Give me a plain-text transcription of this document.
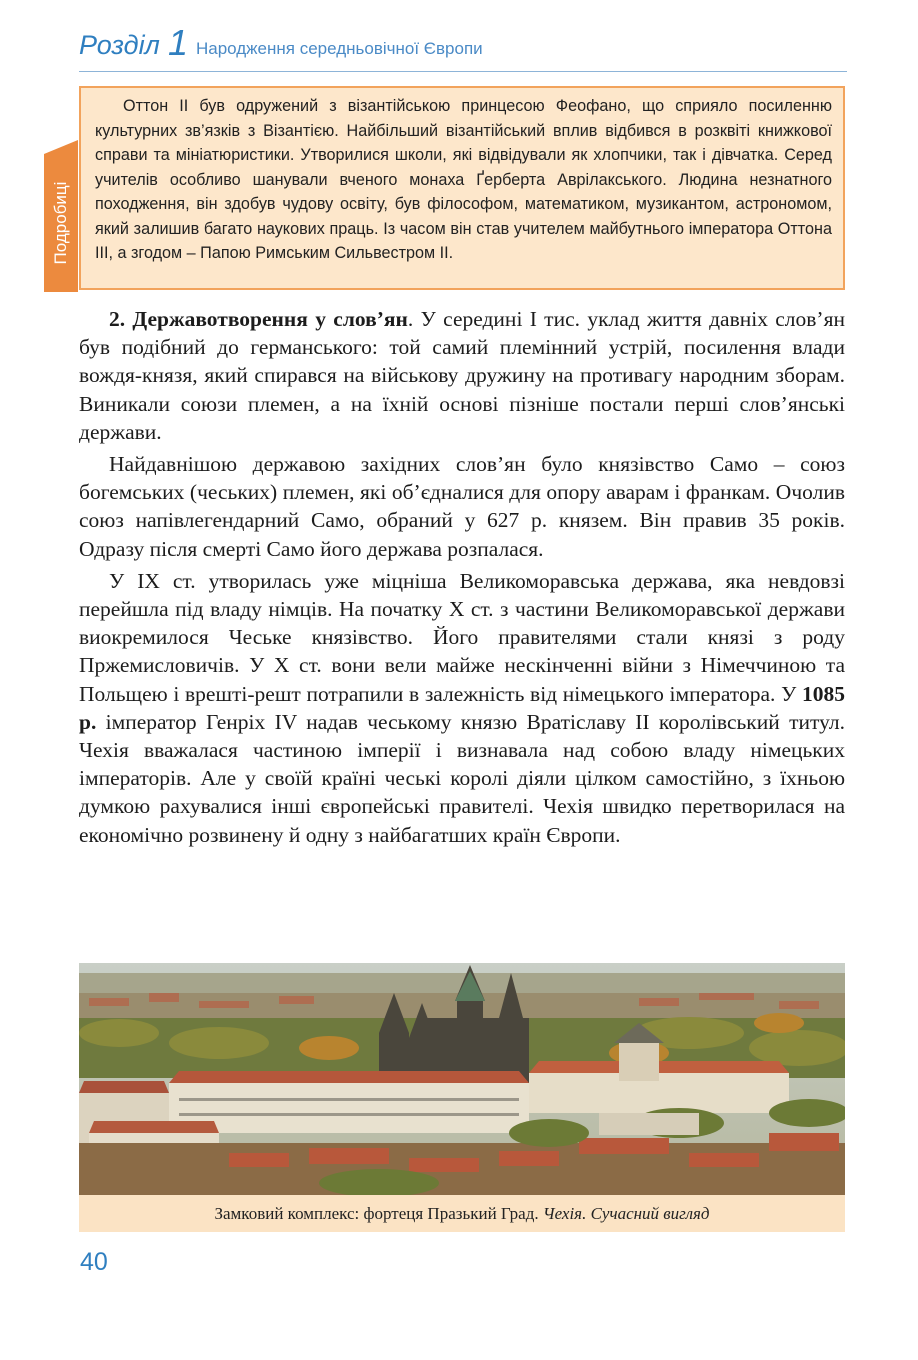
Розділ 1 Народження середньовічної Європи
Подробиці

Оттон ІІ був одружений з візантійською принцесою Феофано, що сприяло посиленню культурних зв’язків з Візантією. Найбільший візантійський вплив відбився в розквіті книжкової справи та мініатюристики. Утворилися школи, які відвідували як хлопчики, так і дівчатка. Серед учителів особливо шанували вченого монаха Ґерберта Аврілакського. Людина незнатного походження, він здобув чудову освіту, був філософом, математиком, музикантом, астрономом, який залишив багато наукових праць. Із часом він став учителем майбутнього імператора Оттона ІІІ, а згодом – Папою Римським Сильвестром ІІ.

2. Державотворення у слов’ян. У середині І тис. уклад життя давніх слов’ян був подібний до германського: той самий племінний устрій, посилення влади вождя-князя, який спирався на військову дружину на противагу народним зборам. Виникали союзи племен, а на їхній основі пізніше постали перші слов’янські держави.

Найдавнішою державою західних слов’ян було князівство Само – союз богемських (чеських) племен, які об’єдналися для опору аварам і франкам. Очолив союз напівлегендарний Само, обраний у 627 р. князем. Він правив 35 років. Одразу після смерті Само його держава розпалася.

У IX ст. утворилась уже міцніша Великоморавська держава, яка невдовзі перейшла під владу німців. На початку X ст. з частини Великоморавської держави виокремилося Чеське князівство. Його правителями стали князі з роду Пржемисловичів. У X ст. вони вели майже нескінченні війни з Німеччиною та Польщею і врешті-решт потрапили в залежність від німецького імператора. У 1085 р. імператор Генріх IV надав чеському князю Вратіславу II королівський титул. Чехія вважалася частиною імперії і визнавала над собою владу німецьких імператорів. Але у своїй країні чеські королі діяли цілком самостійно, з їхньою думкою рахувалися інші європейські правителі. Чехія швидко перетворилася на економічно розвинену й одну з найбагатших країн Європи.

Замковий комплекс: фортеця Празький Град. Чехія. Сучасний вигляд
40
